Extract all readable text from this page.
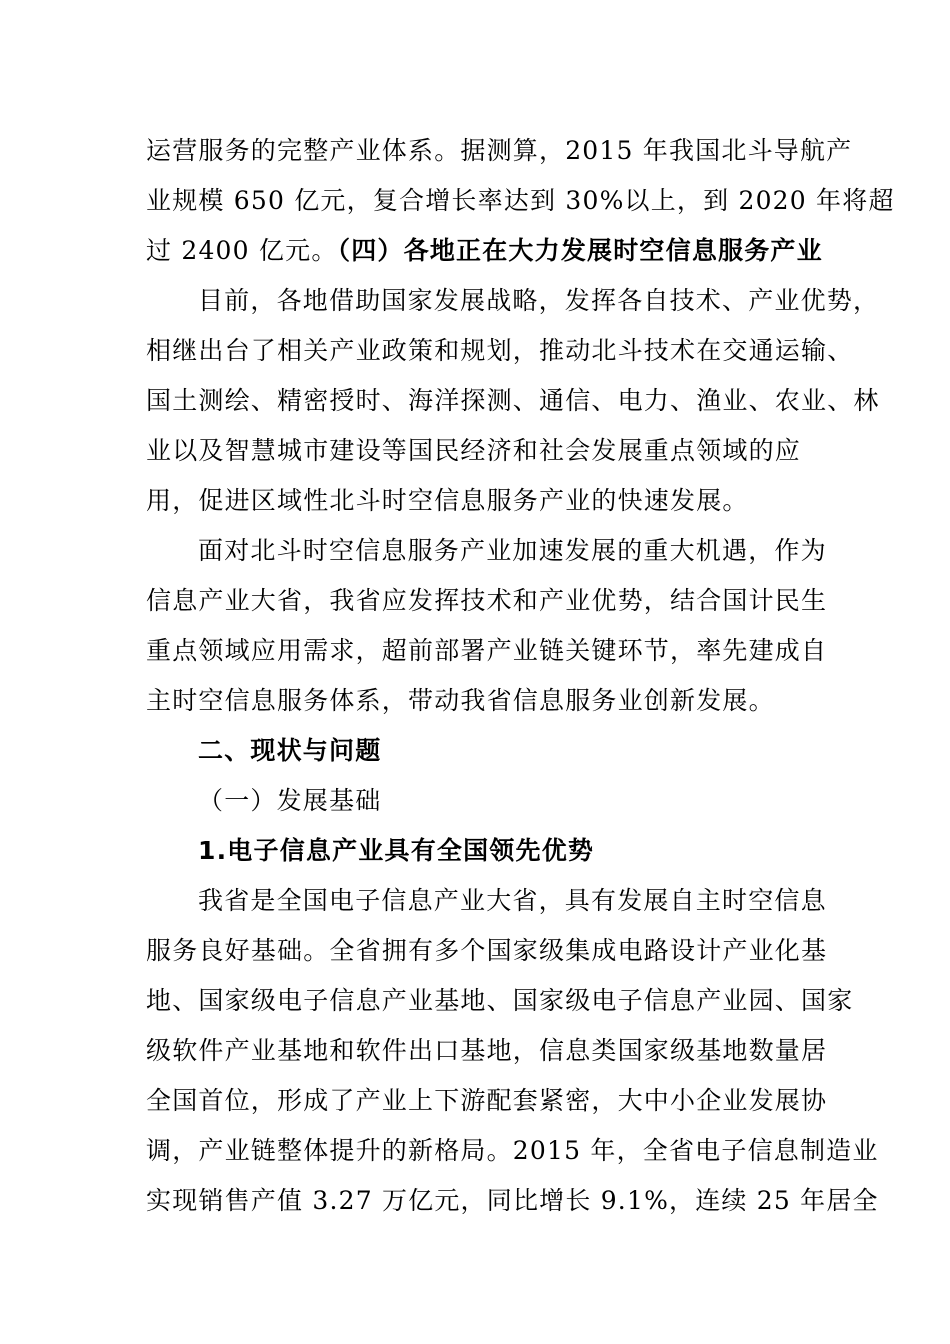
运营服务的完整产业体系。据测算，2015 年我国北斗导航产
业规模 650 亿元，复合增长率达到 30%以上，到 2020 年将超
过 2400 亿元。（四）各地正在大力发展时空信息服务产业
目前，各地借助国家发展战略，发挥各自技术、产业优势，
相继出台了相关产业政策和规划，推动北斗技术在交通运输、
国土测绘、精密授时、海洋探测、通信、电力、渔业、农业、林
业以及智慧城市建设等国民经济和社会发展重点领域的应
用，促进区域性北斗时空信息服务产业的快速发展。
面对北斗时空信息服务产业加速发展的重大机遇，作为
信息产业大省，我省应发挥技术和产业优势，结合国计民生
重点领域应用需求，超前部署产业链关键环节，率先建成自
主时空信息服务体系，带动我省信息服务业创新发展。
二、现状与问题
（一）发展基础
1.电子信息产业具有全国领先优势
我省是全国电子信息产业大省，具有发展自主时空信息
服务良好基础。全省拥有多个国家级集成电路设计产业化基
地、国家级电子信息产业基地、国家级电子信息产业园、国家
级软件产业基地和软件出口基地，信息类国家级基地数量居
全国首位，形成了产业上下游配套紧密，大中小企业发展协
调，产业链整体提升的新格局。2015 年，全省电子信息制造业
实现销售产值 3.27 万亿元，同比增长 9.1%，连续 25 年居全
